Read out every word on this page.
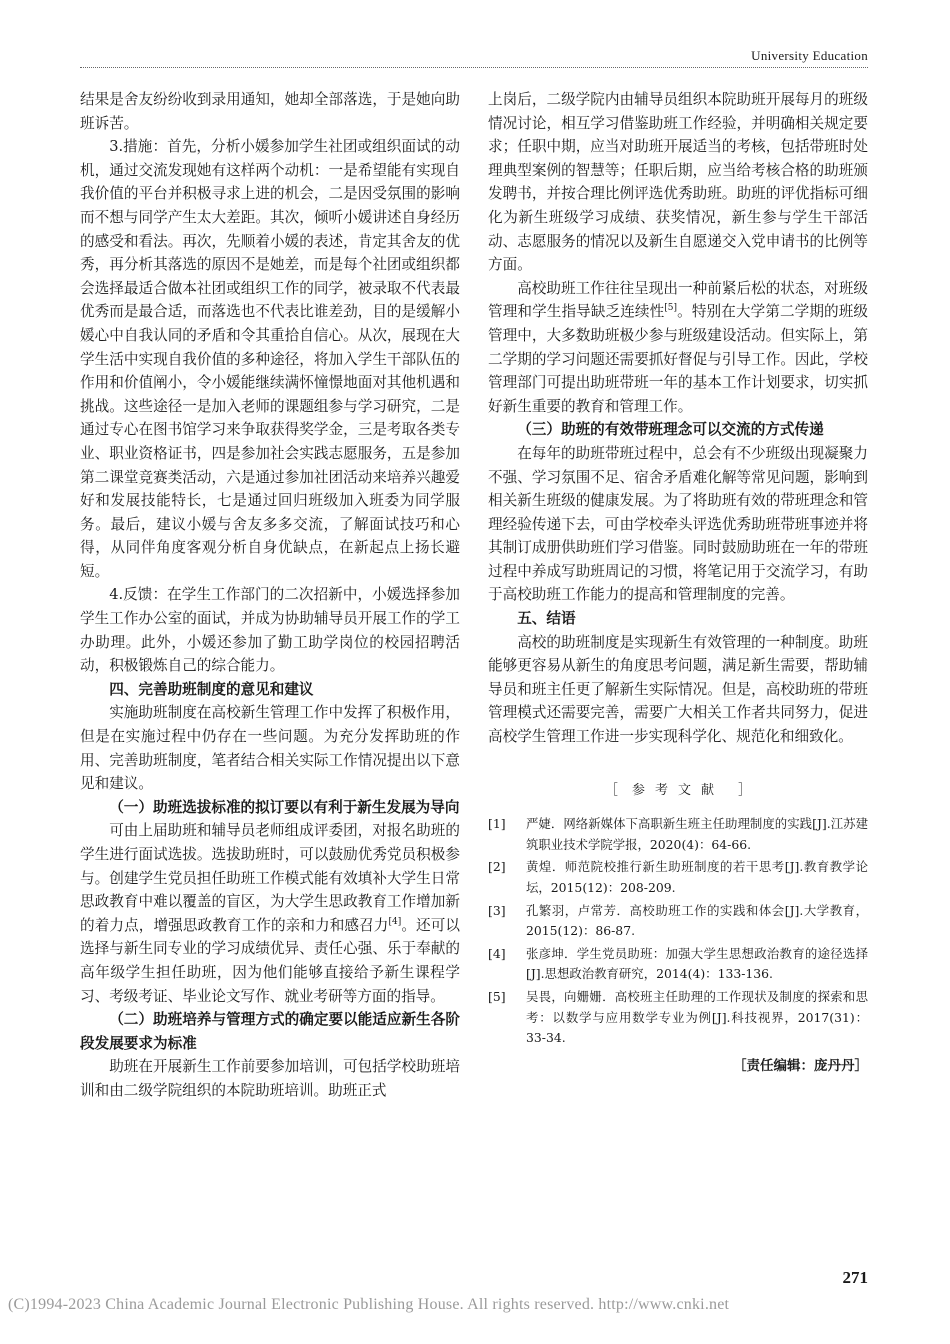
University Education

结果是舍友纷纷收到录用通知，她却全部落选，于是她向助班诉苦。

3.措施：首先，分析小媛参加学生社团或组织面试的动机，通过交流发现她有这样两个动机：一是希望能有实现自我价值的平台并积极寻求上进的机会，二是因受氛围的影响而不想与同学产生太大差距。其次，倾听小媛讲述自身经历的感受和看法。再次，先顺着小媛的表述，肯定其舍友的优秀，再分析其落选的原因不是她差，而是每个社团或组织都会选择最适合做本社团或组织工作的同学，被录取不代表最优秀而是最合适，而落选也不代表比谁差劲，目的是缓解小媛心中自我认同的矛盾和令其重拾自信心。从次，展现在大学生活中实现自我价值的多种途径，将加入学生干部队伍的作用和价值阐小，令小媛能继续满怀憧憬地面对其他机遇和挑战。这些途径一是加入老师的课题组参与学习研究，二是通过专心在图书馆学习来争取获得奖学金，三是考取各类专业、职业资格证书，四是参加社会实践志愿服务，五是参加第二课堂竞赛类活动，六是通过参加社团活动来培养兴趣爱好和发展技能特长，七是通过回归班级加入班委为同学服务。最后，建议小媛与舍友多多交流，了解面试技巧和心得，从同伴角度客观分析自身优缺点，在新起点上扬长避短。

4.反馈：在学生工作部门的二次招新中，小媛选择参加学生工作办公室的面试，并成为协助辅导员开展工作的学工办助理。此外，小媛还参加了勤工助学岗位的校园招聘活动，积极锻炼自己的综合能力。

四、完善助班制度的意见和建议

实施助班制度在高校新生管理工作中发挥了积极作用，但是在实施过程中仍存在一些问题。为充分发挥助班的作用、完善助班制度，笔者结合相关实际工作情况提出以下意见和建议。

（一）助班选拔标准的拟订要以有利于新生发展为导向

可由上届助班和辅导员老师组成评委团，对报名助班的学生进行面试选拔。选拔助班时，可以鼓励优秀党员积极参与。创建学生党员担任助班工作模式能有效填补大学生日常思政教育中难以覆盖的盲区，为大学生思政教育工作增加新的着力点，增强思政教育工作的亲和力和感召力[4]。还可以选择与新生同专业的学习成绩优异、责任心强、乐于奉献的高年级学生担任助班，因为他们能够直接给予新生课程学习、考级考证、毕业论文写作、就业考研等方面的指导。

（二）助班培养与管理方式的确定要以能适应新生各阶段发展要求为标准

助班在开展新生工作前要参加培训，可包括学校助班培训和由二级学院组织的本院助班培训。助班正式

上岗后，二级学院内由辅导员组织本院助班开展每月的班级情况讨论，相互学习借鉴助班工作经验，并明确相关规定要求；任职中期，应当对助班开展适当的考核，包括带班时处理典型案例的智慧等；任职后期，应当给考核合格的助班颁发聘书，并按合理比例评选优秀助班。助班的评优指标可细化为新生班级学习成绩、获奖情况，新生参与学生干部活动、志愿服务的情况以及新生自愿递交入党申请书的比例等方面。

高校助班工作往往呈现出一种前紧后松的状态，对班级管理和学生指导缺乏连续性[5]。特别在大学第二学期的班级管理中，大多数助班极少参与班级建设活动。但实际上，第二学期的学习问题还需要抓好督促与引导工作。因此，学校管理部门可提出助班带班一年的基本工作计划要求，切实抓好新生重要的教育和管理工作。

（三）助班的有效带班理念可以交流的方式传递

在每年的助班带班过程中，总会有不少班级出现凝聚力不强、学习氛围不足、宿舍矛盾难化解等常见问题，影响到相关新生班级的健康发展。为了将助班有效的带班理念和管理经验传递下去，可由学校牵头评选优秀助班带班事迹并将其制订成册供助班们学习借鉴。同时鼓励助班在一年的带班过程中养成写助班周记的习惯，将笔记用于交流学习，有助于高校助班工作能力的提高和管理制度的完善。

五、结语

高校的助班制度是实现新生有效管理的一种制度。助班能够更容易从新生的角度思考问题，满足新生需要，帮助辅导员和班主任更了解新生实际情况。但是，高校助班的带班管理模式还需要完善，需要广大相关工作者共同努力，促进高校学生管理工作进一步实现科学化、规范化和细致化。

［ 参考文献 ］
[1] 严婕．网络新媒体下高职新生班主任助理制度的实践[J].江苏建筑职业技术学院学报，2020(4)：64-66.
[2] 黄煌．师范院校推行新生助班制度的若干思考[J].教育教学论坛，2015(12)：208-209.
[3] 孔繁羽，卢常芳．高校助班工作的实践和体会[J].大学教育，2015(12)：86-87.
[4] 张彦坤．学生党员助班：加强大学生思想政治教育的途径选择[J].思想政治教育研究，2014(4)：133-136.
[5] 吴畏，向姗姗．高校班主任助理的工作现状及制度的探索和思考：以数学与应用数学专业为例[J].科技视界，2017(31)：33-34.
［责任编辑：庞丹丹］
271
(C)1994-2023 China Academic Journal Electronic Publishing House. All rights reserved. http://www.cnki.net
